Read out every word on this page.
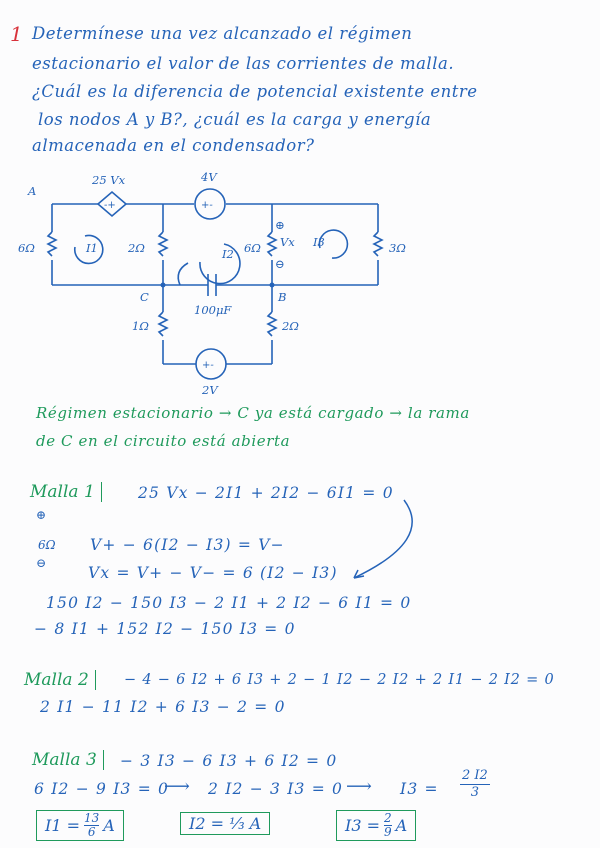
1 Determínese una vez alcanzado el régimen
estacionario el valor de las corrientes de malla.
¿Cuál es la diferencia de potencial existente entre
los nodos A y B?, ¿cuál es la carga y energía
almacenada en el condensador?
A
B
C
25 Vx
-+
4V
+-
2V
+-
6Ω	2Ω	6Ω Vx
⊕
⊖
3Ω
1Ω	2Ω
100μF
I1	I2
I3
Régimen estacionario → C ya está cargado → la rama
de C en el circuito está abierta
Malla 1	25 Vx − 2I1 + 2I2 − 6I1 = 0
⊕
6Ω
⊖
V+ − 6(I2 − I3) = V−
Vx = V+ − V− = 6 (I2 − I3)
150 I2 − 150 I3 − 2 I1 + 2 I2 − 6 I1 = 0
− 8 I1 + 152 I2 − 150 I3 = 0
Malla 2	− 4 − 6 I2 + 6 I3 + 2 − 1 I2 − 2 I2 + 2 I1 − 2 I2 = 0
2 I1 − 11 I2 + 6 I3 − 2 = 0
Malla 3	− 3 I3 − 6 I3 + 6 I2 = 0
6 I2 − 9 I3 = 0
⟶ 2 I2 − 3 I3 = 0 ⟶ $I3 = \frac{2 I2}{3}$
$I1 = \frac{13}{6}$ A	I2 = ⅓ A	$I3 = \frac{2}{9}$ A
